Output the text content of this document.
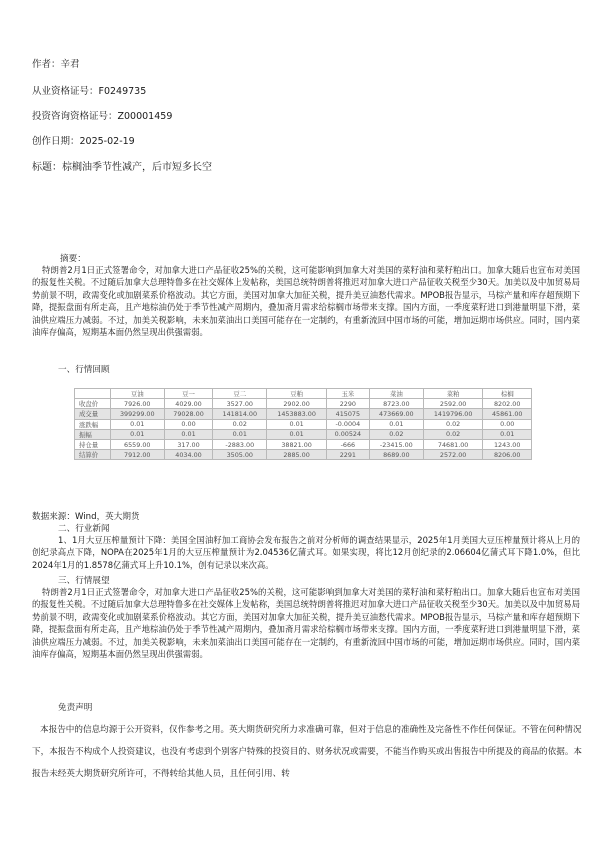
作者：辛君
从业资格证号：F0249735
投资咨询资格证号：Z00001459
创作日期：2025-02-19
标题：棕榈油季节性减产，后市短多长空
摘要：
特朗普2月1日正式签署命令，对加拿大进口产品征收25%的关税，这可能影响到加拿大对美国的菜籽油和菜籽粕出口。加拿大随后也宣布对美国的报复性关税。不过随后加拿大总理特鲁多在社交媒体上发帖称，美国总统特朗普将推迟对加拿大进口产品征收关税至少30天。加美以及中加贸易局势前景不明，政需变化或加剧菜系价格波动。其它方面，美国对加拿大加征关税，提升美豆油愁代需求。MPOB报告显示，马棕产量和库存超预期下降，提振盘面有所走高，且产地棕油仍处于季节性减产周期内，叠加斋月需求给棕榈市场带来支撑。国内方面，一季度菜籽进口到港量明显下滑，菜油供应端压力减弱。不过，加美关税影响，未来加菜油出口美国可能存在一定制约，有重新流回中国市场的可能，增加远期市场供应。同时，国内菜油库存偏高，短期基本面仍然呈现出供强需弱。
一、行情回顾
	豆油	豆一	豆二	豆粕	玉米	菜油	菜粕	棕榈
收盘价	7926.00	4029.00	3527.00	2902.00	2290	8723.00	2592.00	8202.00
成交量	399299.00	79028.00	141814.00	1453883.00	415075	473669.00	1419796.00	45861.00
涨跌幅	0.01	0.00	0.02	0.01	-0.0004	0.01	0.02	0.00
振幅	0.01	0.01	0.01	0.01	0.00524	0.02	0.02	0.01
持仓量	6559.00	317.00	-2883.00	38821.00	-666	-23415.00	74681.00	1243.00
结算价	7912.00	4034.00	3505.00	2885.00	2291	8689.00	2572.00	8206.00
数据来源：Wind，英大期货
二、行业新闻
1、1月大豆压榨量预计下降：美国全国油籽加工商协会发布报告之前对分析师的调查结果显示，2025年1月美国大豆压榨量预计将从上月的创纪录高点下降，NOPA在2025年1月的大豆压榨量预计为2.04536亿蒲式耳。如果实现，将比12月创纪录的2.06604亿蒲式耳下降1.0%，但比2024年1月的1.8578亿蒲式耳上升10.1%，创有记录以来次高。
三、行情展望
特朗普2月1日正式签署命令，对加拿大进口产品征收25%的关税，这可能影响到加拿大对美国的菜籽油和菜籽粕出口。加拿大随后也宣布对美国的报复性关税。不过随后加拿大总理特鲁多在社交媒体上发帖称，美国总统特朗普将推迟对加拿大进口产品征收关税至少30天。加美以及中加贸易局势前景不明，政需变化或加剧菜系价格波动。其它方面，美国对加拿大加征关税，提升美豆油愁代需求。MPOB报告显示，马棕产量和库存超预期下降，提振盘面有所走高，且产地棕油仍处于季节性减产周期内，叠加斋月需求给棕榈市场带来支撑。国内方面，一季度菜籽进口到港量明显下滑，菜油供应端压力减弱。不过，加美关税影响，未来加菜油出口美国可能存在一定制约，有重新流回中国市场的可能，增加远期市场供应。同时，国内菜油库存偏高，短期基本面仍然呈现出供强需弱。
免责声明
本报告中的信息均源于公开资料，仅作参考之用。英大期货研究所力求准确可靠，但对于信息的准确性及完备性不作任何保证。不管在何种情况下，本报告不构成个人投资建议，也没有考虑到个别客户特殊的投资目的、财务状况或需要，不能当作购买或出售报告中所提及的商品的依据。本报告未经英大期货研究所许可，不得转给其他人员，且任何引用、转
